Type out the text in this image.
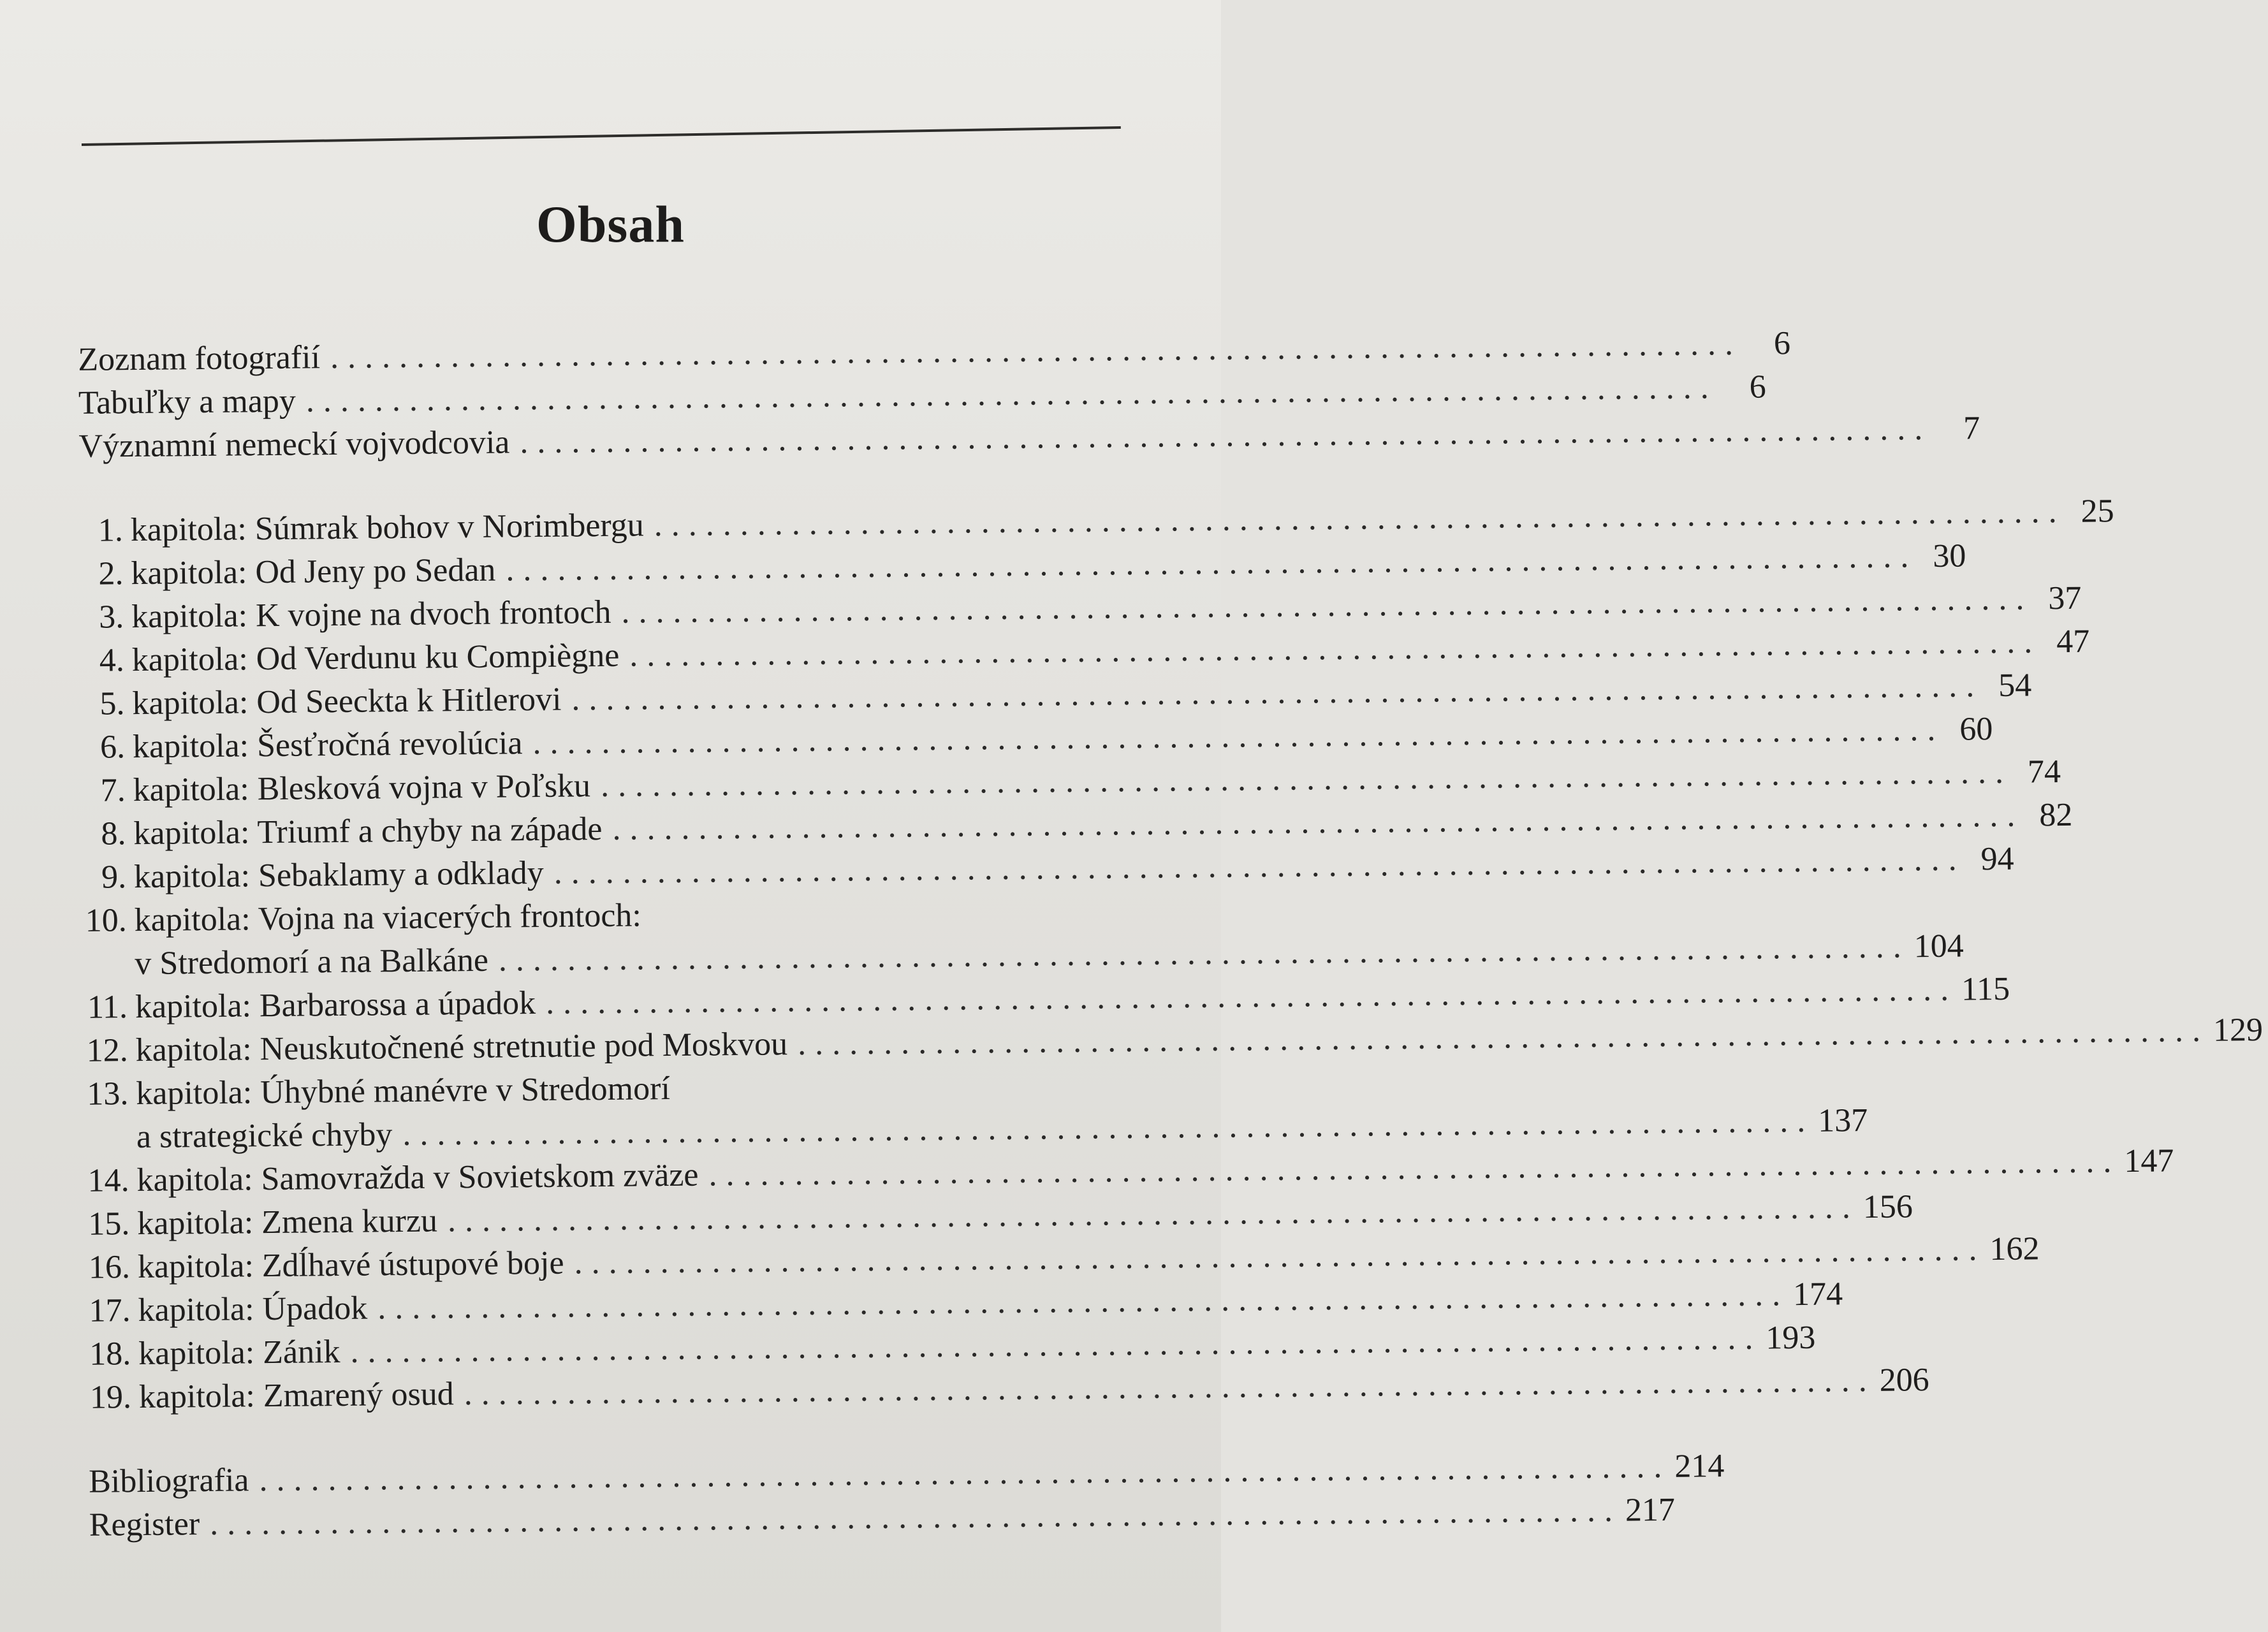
Obsah
Zoznam fotografií .................................................................................. 6
Tabuľky a mapy .................................................................................. 6
Významní nemeckí vojvodcovia .................................................................................. 7
1. kapitola: Súmrak bohov v Norimbergu .................................................................................. 25
2. kapitola: Od Jeny po Sedan .................................................................................. 30
3. kapitola: K vojne na dvoch frontoch .................................................................................. 37
4. kapitola: Od Verdunu ku Compiègne .................................................................................. 47
5. kapitola: Od Seeckta k Hitlerovi .................................................................................. 54
6. kapitola: Šesťročná revolúcia .................................................................................. 60
7. kapitola: Blesková vojna v Poľsku .................................................................................. 74
8. kapitola: Triumf a chyby na západe .................................................................................. 82
9. kapitola: Sebaklamy a odklady .................................................................................. 94
10. kapitola: Vojna na viacerých frontoch:
v Stredomorí a na Balkáne .................................................................................. 104
11. kapitola: Barbarossa a úpadok .................................................................................. 115
12. kapitola: Neuskutočnené stretnutie pod Moskvou .................................................................................. 129
13. kapitola: Úhybné manévre v Stredomorí
a strategické chyby .................................................................................. 137
14. kapitola: Samovražda v Sovietskom zväze .................................................................................. 147
15. kapitola: Zmena kurzu .................................................................................. 156
16. kapitola: Zdĺhavé ústupové boje .................................................................................. 162
17. kapitola: Úpadok .................................................................................. 174
18. kapitola: Zánik .................................................................................. 193
19. kapitola: Zmarený osud .................................................................................. 206
Bibliografia .................................................................................. 214
Register .................................................................................. 217
